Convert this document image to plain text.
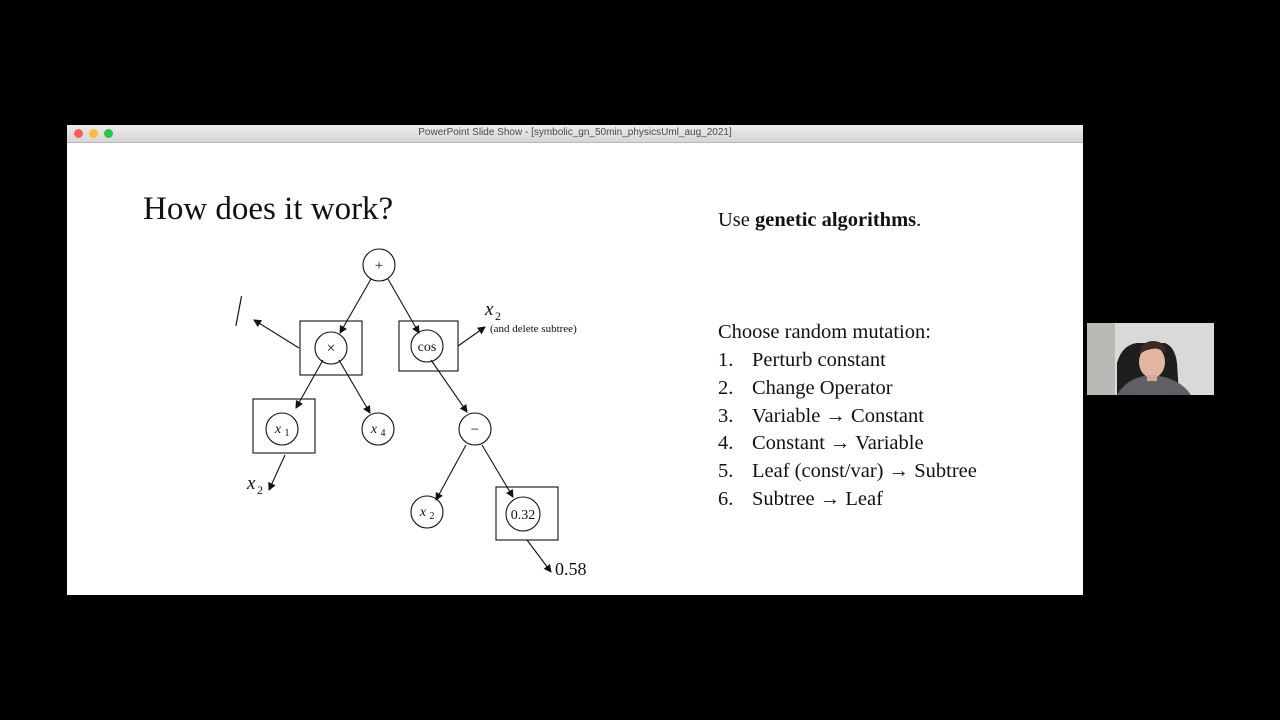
PowerPoint Slide Show - [symbolic_gn_50min_physicsUml_aug_2021]
How does it work?
+
×	cos
x 1	x 4	−
x 2	0.32
x 2
(and delete subtree)
x 2
0.58
Use genetic algorithms.
Choose random mutation:
1. Perturb constant
2. Change Operator
3. Variable → Constant
4. Constant → Variable
5. Leaf (const/var) → Subtree
6. Subtree → Leaf
